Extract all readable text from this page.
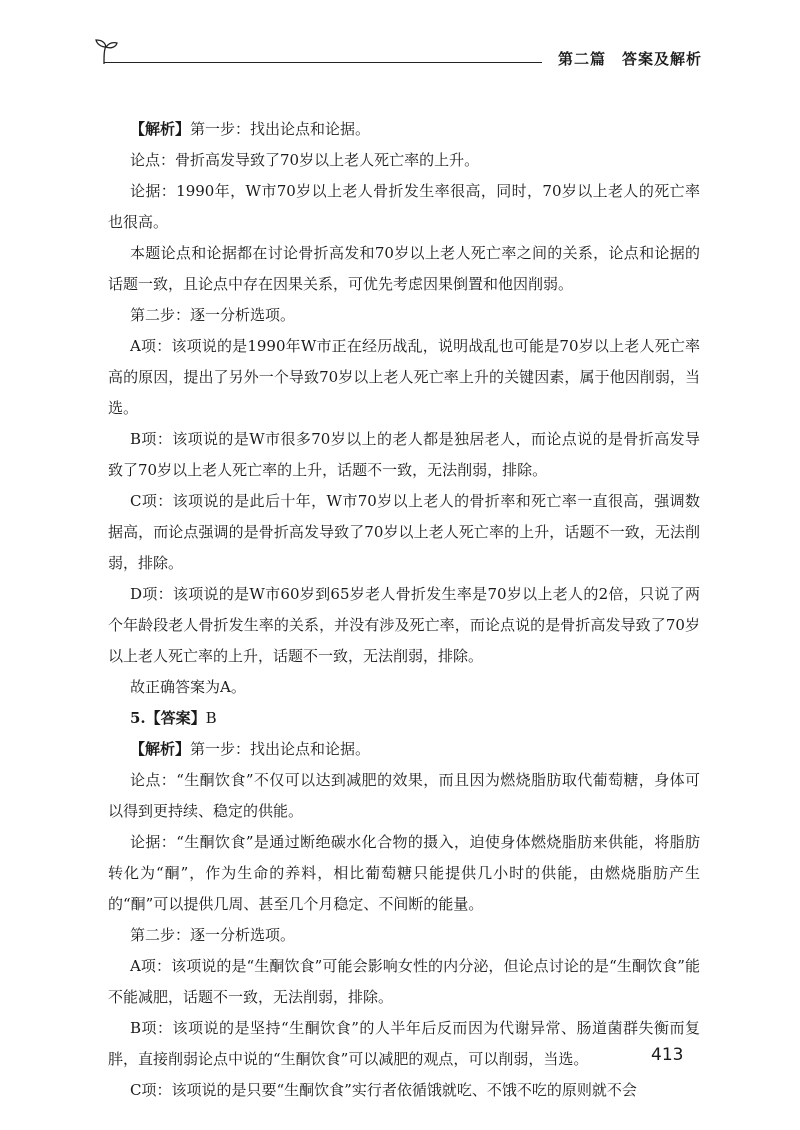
第二篇　答案及解析

【解析】第一步：找出论点和论据。

论点：骨折高发导致了70岁以上老人死亡率的上升。

论据：1990年，W市70岁以上老人骨折发生率很高，同时，70岁以上老人的死亡率也很高。

本题论点和论据都在讨论骨折高发和70岁以上老人死亡率之间的关系，论点和论据的话题一致，且论点中存在因果关系，可优先考虑因果倒置和他因削弱。

第二步：逐一分析选项。

A项：该项说的是1990年W市正在经历战乱，说明战乱也可能是70岁以上老人死亡率高的原因，提出了另外一个导致70岁以上老人死亡率上升的关键因素，属于他因削弱，当选。

B项：该项说的是W市很多70岁以上的老人都是独居老人，而论点说的是骨折高发导致了70岁以上老人死亡率的上升，话题不一致，无法削弱，排除。

C项：该项说的是此后十年，W市70岁以上老人的骨折率和死亡率一直很高，强调数据高，而论点强调的是骨折高发导致了70岁以上老人死亡率的上升，话题不一致，无法削弱，排除。

D项：该项说的是W市60岁到65岁老人骨折发生率是70岁以上老人的2倍，只说了两个年龄段老人骨折发生率的关系，并没有涉及死亡率，而论点说的是骨折高发导致了70岁以上老人死亡率的上升，话题不一致，无法削弱，排除。

故正确答案为A。

5.【答案】B

【解析】第一步：找出论点和论据。

论点：“生酮饮食”不仅可以达到减肥的效果，而且因为燃烧脂肪取代葡萄糖，身体可以得到更持续、稳定的供能。

论据：“生酮饮食”是通过断绝碳水化合物的摄入，迫使身体燃烧脂肪来供能，将脂肪转化为“酮”，作为生命的养料，相比葡萄糖只能提供几小时的供能，由燃烧脂肪产生的“酮”可以提供几周、甚至几个月稳定、不间断的能量。

第二步：逐一分析选项。

A项：该项说的是“生酮饮食”可能会影响女性的内分泌，但论点讨论的是“生酮饮食”能不能减肥，话题不一致，无法削弱，排除。

B项：该项说的是坚持“生酮饮食”的人半年后反而因为代谢异常、肠道菌群失衡而复胖，直接削弱论点中说的“生酮饮食”可以减肥的观点，可以削弱，当选。

C项：该项说的是只要“生酮饮食”实行者依循饿就吃、不饿不吃的原则就不会

413
